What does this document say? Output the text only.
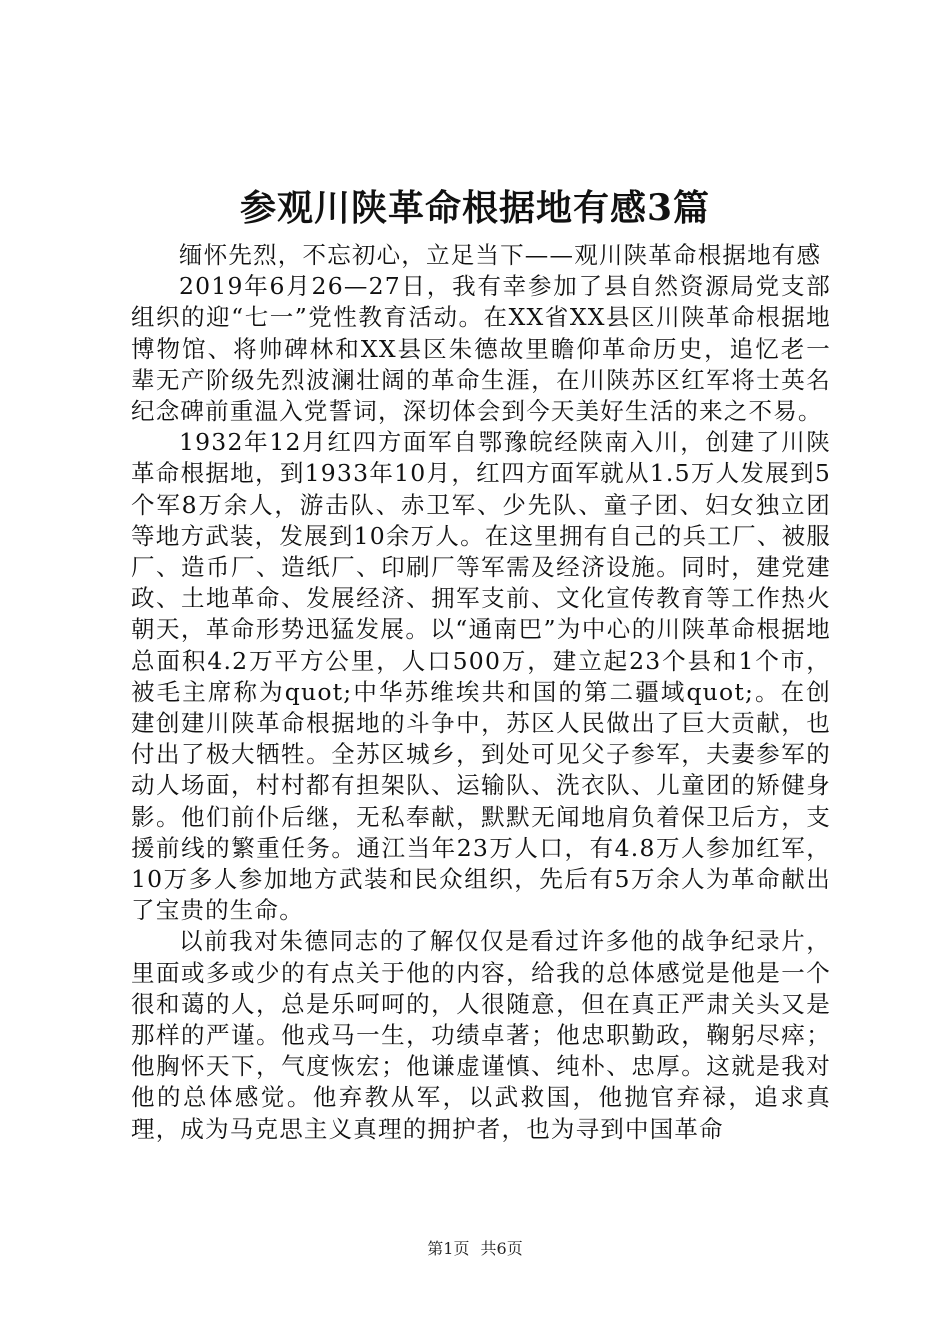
参观川陕革命根据地有感3篇

缅怀先烈，不忘初心，立足当下——观川陕革命根据地有感

2019年6月26—27日，我有幸参加了县自然资源局党支部组织的迎“七一”党性教育活动。在XX省XX县区川陕革命根据地博物馆、将帅碑林和XX县区朱德故里瞻仰革命历史，追忆老一辈无产阶级先烈波澜壮阔的革命生涯，在川陕苏区红军将士英名纪念碑前重温入党誓词，深切体会到今天美好生活的来之不易。

1932年12月红四方面军自鄂豫皖经陕南入川，创建了川陕革命根据地，到1933年10月，红四方面军就从1.5万人发展到5个军8万余人，游击队、赤卫军、少先队、童子团、妇女独立团等地方武装，发展到10余万人。在这里拥有自己的兵工厂、被服厂、造币厂、造纸厂、印刷厂等军需及经济设施。同时，建党建政、土地革命、发展经济、拥军支前、文化宣传教育等工作热火朝天，革命形势迅猛发展。以“通南巴”为中心的川陕革命根据地总面积4.2万平方公里，人口500万，建立起23个县和1个市，被毛主席称为quot;中华苏维埃共和国的第二疆域quot;。在创建创建川陕革命根据地的斗争中，苏区人民做出了巨大贡献，也付出了极大牺牲。全苏区城乡，到处可见父子参军，夫妻参军的动人场面，村村都有担架队、运输队、洗衣队、儿童团的矫健身影。他们前仆后继，无私奉献，默默无闻地肩负着保卫后方，支援前线的繁重任务。通江当年23万人口，有4.8万人参加红军，10万多人参加地方武装和民众组织，先后有5万余人为革命献出了宝贵的生命。

以前我对朱德同志的了解仅仅是看过许多他的战争纪录片，里面或多或少的有点关于他的内容，给我的总体感觉是他是一个很和蔼的人，总是乐呵呵的，人很随意，但在真正严肃关头又是那样的严谨。他戎马一生，功绩卓著；他忠职勤政，鞠躬尽瘁；他胸怀天下，气度恢宏；他谦虚谨慎、纯朴、忠厚。这就是我对他的总体感觉。他弃教从军，以武救国，他抛官弃禄，追求真理，成为马克思主义真理的拥护者，也为寻到中国革命

第1页 共6页
